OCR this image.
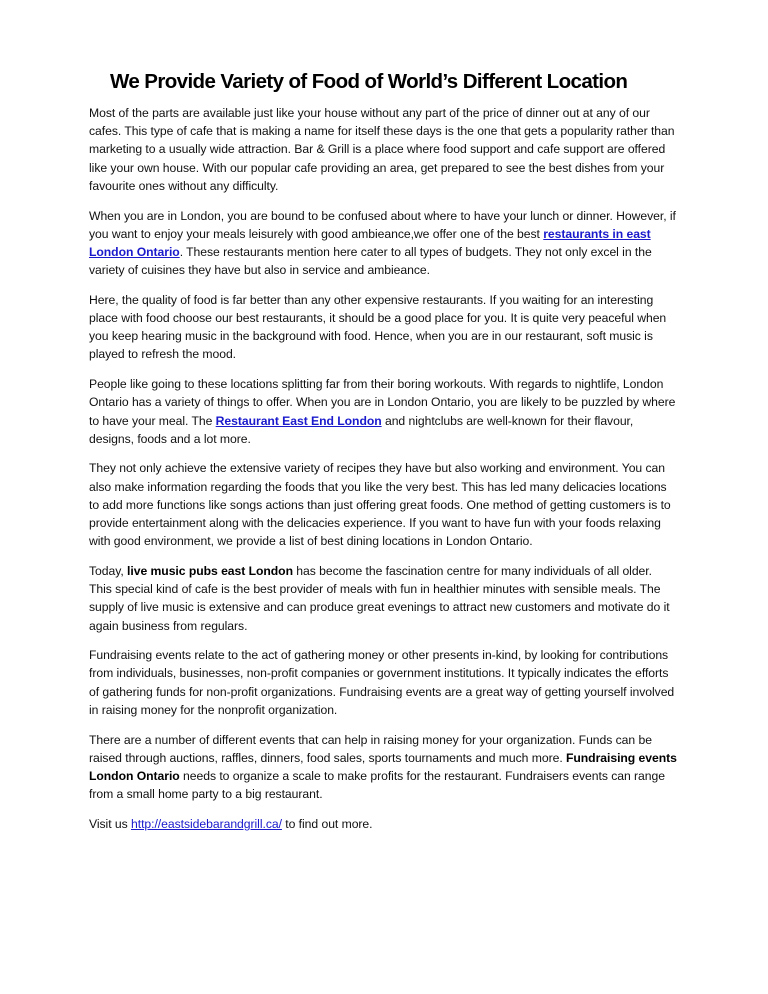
We Provide Variety of Food of World’s Different Location

Most of the parts are available just like your house without any part of the price of dinner out at any of our cafes. This type of cafe that is making a name for itself these days is the one that gets a popularity rather than marketing to a usually wide attraction. Bar & Grill is a place where food support and cafe support are offered like your own house. With our popular cafe providing an area, get prepared to see the best dishes from your favourite ones without any difficulty.

When you are in London, you are bound to be confused about where to have your lunch or dinner. However, if you want to enjoy your meals leisurely with good ambieance,we offer one of the best restaurants in east London Ontario. These restaurants mention here cater to all types of budgets. They not only excel in the variety of cuisines they have but also in service and ambieance.

Here, the quality of food is far better than any other expensive restaurants. If you waiting for an interesting place with food choose our best restaurants, it should be a good place for you. It is quite very peaceful when you keep hearing music in the background with food. Hence, when you are in our restaurant, soft music is played to refresh the mood.

People like going to these locations splitting far from their boring workouts. With regards to nightlife, London Ontario has a variety of things to offer. When you are in London Ontario, you are likely to be puzzled by where to have your meal. The Restaurant East End London and nightclubs are well-known for their flavour, designs, foods and a lot more.

They not only achieve the extensive variety of recipes they have but also working and environment. You can also make information regarding the foods that you like the very best. This has led many delicacies locations to add more functions like songs actions than just offering great foods. One method of getting customers is to provide entertainment along with the delicacies experience. If you want to have fun with your foods relaxing with good environment, we provide a list of best dining locations in London Ontario.

Today, live music pubs east London has become the fascination centre for many individuals of all older. This special kind of cafe is the best provider of meals with fun in healthier minutes with sensible meals. The supply of live music is extensive and can produce great evenings to attract new customers and motivate do it again business from regulars.

Fundraising events relate to the act of gathering money or other presents in-kind, by looking for contributions from individuals, businesses, non-profit companies or government institutions. It typically indicates the efforts of gathering funds for non-profit organizations. Fundraising events are a great way of getting yourself involved in raising money for the nonprofit organization.

There are a number of different events that can help in raising money for your organization. Funds can be raised through auctions, raffles, dinners, food sales, sports tournaments and much more. Fundraising events London Ontario needs to organize a scale to make profits for the restaurant. Fundraisers events can range from a small home party to a big restaurant.

Visit us http://eastsidebarandgrill.ca/ to find out more.
